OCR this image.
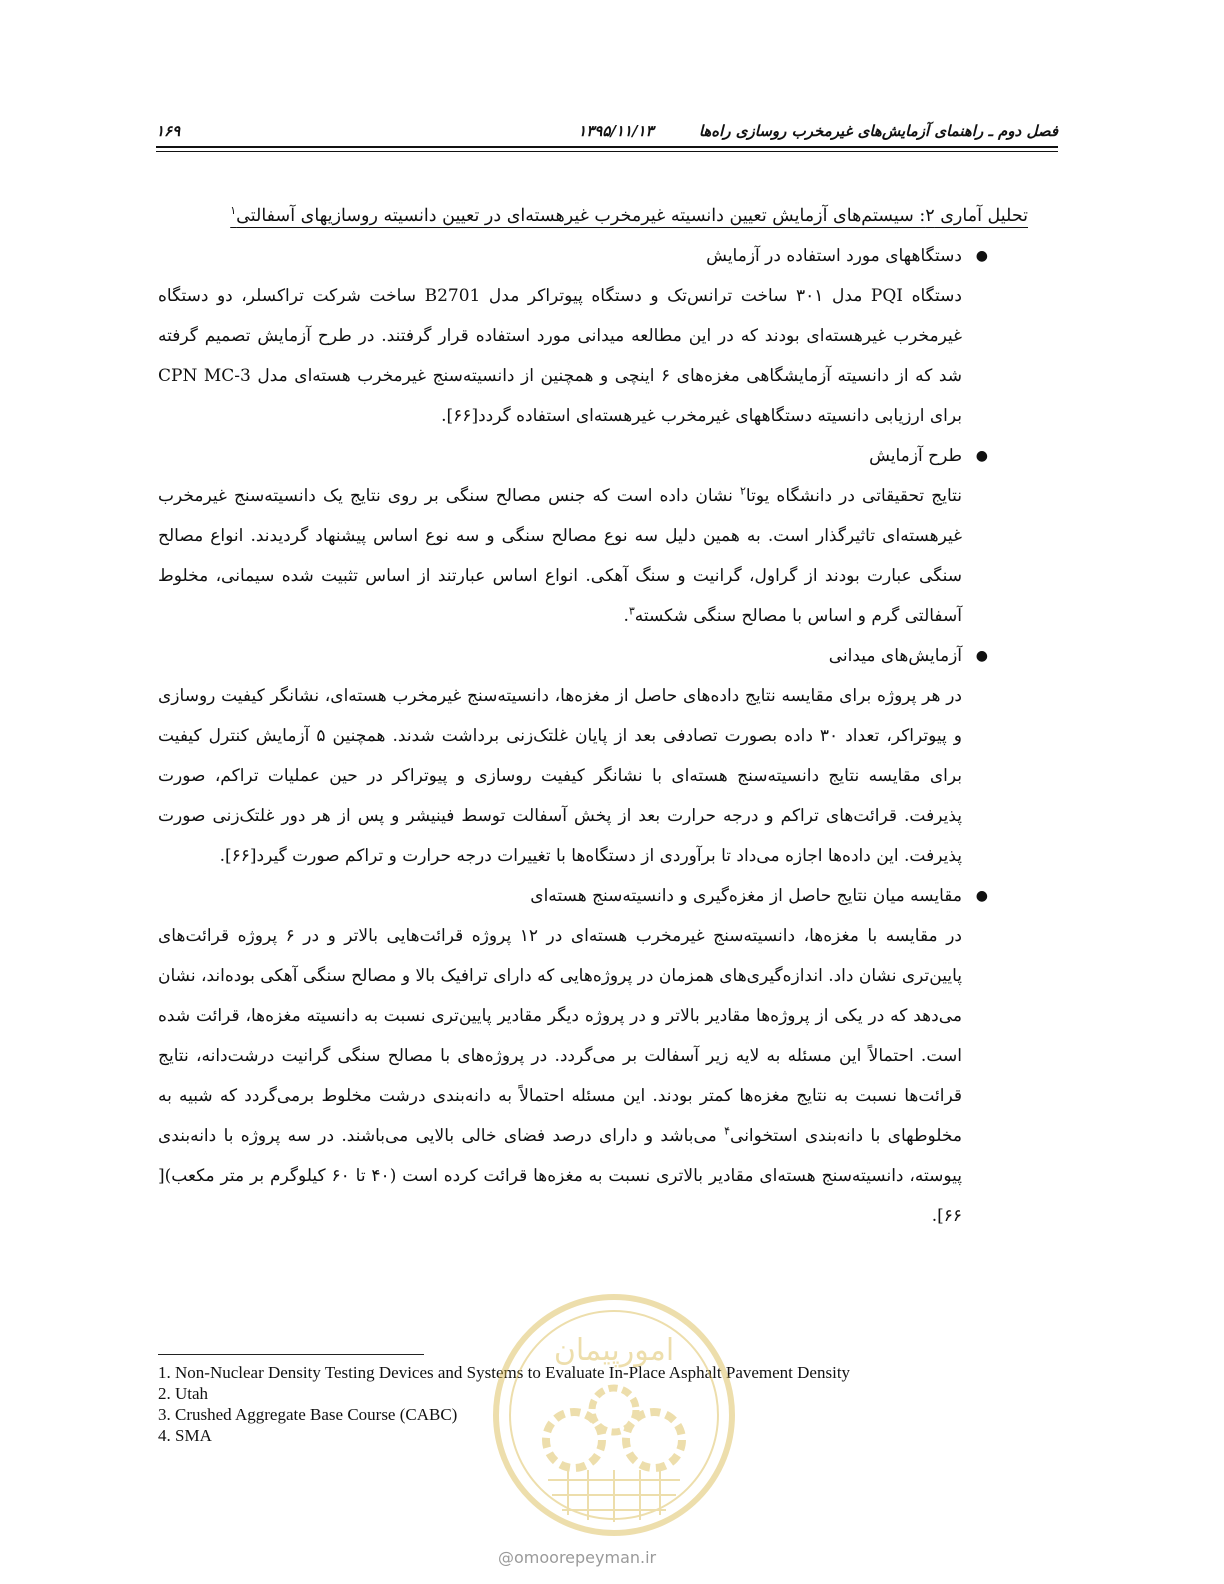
۱۶۹	فصل دوم ـ راهنمای آزمایش‌های غیرمخرب روسازی راه‌ها ۱۳۹۵/۱۱/۱۳
تحلیل آماری ۲: سیستم‌های آزمایش تعیین دانسیته غیرمخرب غیرهسته‌ای در تعیین دانسیته روسازیهای آسفالتی$^۱$
●
دستگاههای مورد استفاده در آزمایش

دستگاه PQI مدل ۳۰۱ ساخت ترانس‌تک و دستگاه پیوتراکر مدل B2701 ساخت شرکت تراکسلر، دو دستگاه غیرمخرب غیرهسته‌ای بودند که در این مطالعه میدانی مورد استفاده قرار گرفتند. در طرح آزمایش تصمیم گرفته شد که از دانسیته آزمایشگاهی مغزه‌های ۶ اینچی و همچنین از دانسیته‌سنج غیرمخرب هسته‌ای مدل CPN MC-3 برای ارزیابی دانسیته دستگاههای غیرمخرب غیرهسته‌ای استفاده گردد[۶۶].

●
طرح آزمایش

نتایج تحقیقاتی در دانشگاه یوتا$^۲$ نشان داده است که جنس مصالح سنگی بر روی نتایج یک دانسیته‌سنج غیرمخرب غیرهسته‌ای تاثیرگذار است. به همین دلیل سه نوع مصالح سنگی و سه نوع اساس پیشنهاد گردیدند. انواع مصالح سنگی عبارت بودند از گراول، گرانیت و سنگ آهکی. انواع اساس عبارتند از اساس تثبیت شده سیمانی، مخلوط آسفالتی گرم و اساس با مصالح سنگی شکسته$^۳$.

●
آزمایش‌های میدانی

در هر پروژه برای مقایسه نتایج داده‌های حاصل از مغزه‌ها، دانسیته‌سنج غیرمخرب هسته‌ای، نشانگر کیفیت روسازی و پیوتراکر، تعداد ۳۰ داده بصورت تصادفی بعد از پایان غلتک‌زنی برداشت شدند. همچنین ۵ آزمایش کنترل کیفیت برای مقایسه نتایج دانسیته‌سنج هسته‌ای با نشانگر کیفیت روسازی و پیوتراکر در حین عملیات تراکم، صورت پذیرفت. قرائت‌های تراکم و درجه حرارت بعد از پخش آسفالت توسط فینیشر و پس از هر دور غلتک‌زنی صورت پذیرفت. این داده‌ها اجازه می‌داد تا برآوردی از دستگاه‌ها با تغییرات درجه حرارت و تراکم صورت گیرد[۶۶].

●
مقایسه میان نتایج حاصل از مغزه‌گیری و دانسیته‌سنج هسته‌ای

در مقایسه با مغزه‌ها، دانسیته‌سنج غیرمخرب هسته‌ای در ۱۲ پروژه قرائت‌هایی بالاتر و در ۶ پروژه قرائت‌های پایین‌تری نشان داد. اندازه‌گیری‌های همزمان در پروژه‌هایی که دارای ترافیک بالا و مصالح سنگی آهکی بوده‌اند، نشان می‌دهد که در یکی از پروژه‌ها مقادیر بالاتر و در پروژه دیگر مقادیر پایین‌تری نسبت به دانسیته مغزه‌ها، قرائت شده است. احتمالاً این مسئله به لایه زیر آسفالت بر می‌گردد. در پروژه‌های با مصالح سنگی گرانیت درشت‌دانه، نتایج قرائت‌ها نسبت به نتایج مغزه‌ها کمتر بودند. این مسئله احتمالاً به دانه‌بندی درشت مخلوط برمی‌گردد که شبیه به مخلوطهای با دانه‌بندی استخوانی$^۴$ می‌باشد و دارای درصد فضای خالی بالایی می‌باشند. در سه پروژه با دانه‌بندی پیوسته، دانسیته‌سنج هسته‌ای مقادیر بالاتری نسبت به مغزه‌ها قرائت کرده است (۴۰ تا ۶۰ کیلوگرم بر متر مکعب)[ ۶۶].

1. Non-Nuclear Density Testing Devices and Systems to Evaluate In-Place Asphalt Pavement Density
2. Utah
3. Crushed Aggregate Base Course (CABC)
4. SMA
امورپیمان
@omoorepeyman.ir
